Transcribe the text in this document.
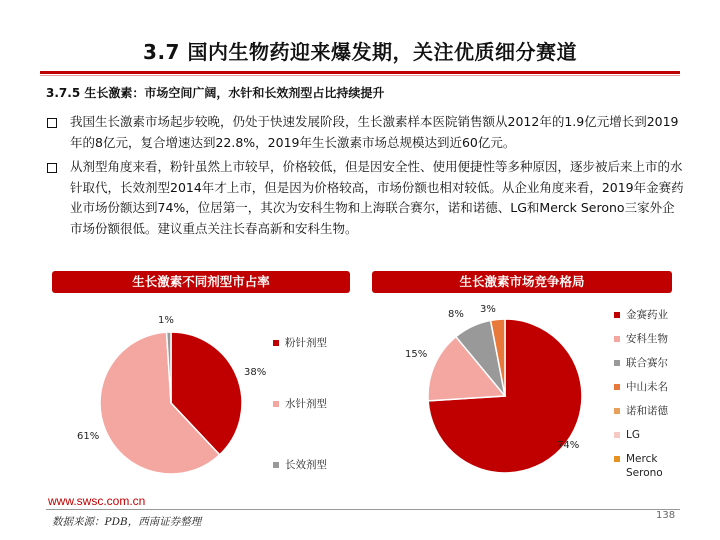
3.7 国内生物药迎来爆发期，关注优质细分赛道
3.7.5 生长激素：市场空间广阔，水针和长效剂型占比持续提升
我国生长激素市场起步较晚，仍处于快速发展阶段，生长激素样本医院销售额从2012年的1.9亿元增长到2019年的8亿元，复合增速达到22.8%，2019年生长激素市场总规模达到近60亿元。
从剂型角度来看，粉针虽然上市较早，价格较低，但是因安全性、使用便捷性等多种原因，逐步被后来上市的水针取代，长效剂型2014年才上市，但是因为价格较高，市场份额也相对较低。从企业角度来看，2019年金赛药业市场份额达到74%，位居第一，其次为安科生物和上海联合赛尔，诺和诺德、LG和Merck Serono三家外企市场份额很低。建议重点关注长春高新和安科生物。
生长激素不同剂型市占率
1%
38%
61%
粉针剂型
水针剂型
长效剂型
生长激素市场竞争格局
8% 3%
15%
74%
金赛药业
安科生物
联合赛尔
中山未名
诺和诺德
LG
Merck Serono
www.swsc.com.cn
数据来源：PDB，西南证券整理
138
